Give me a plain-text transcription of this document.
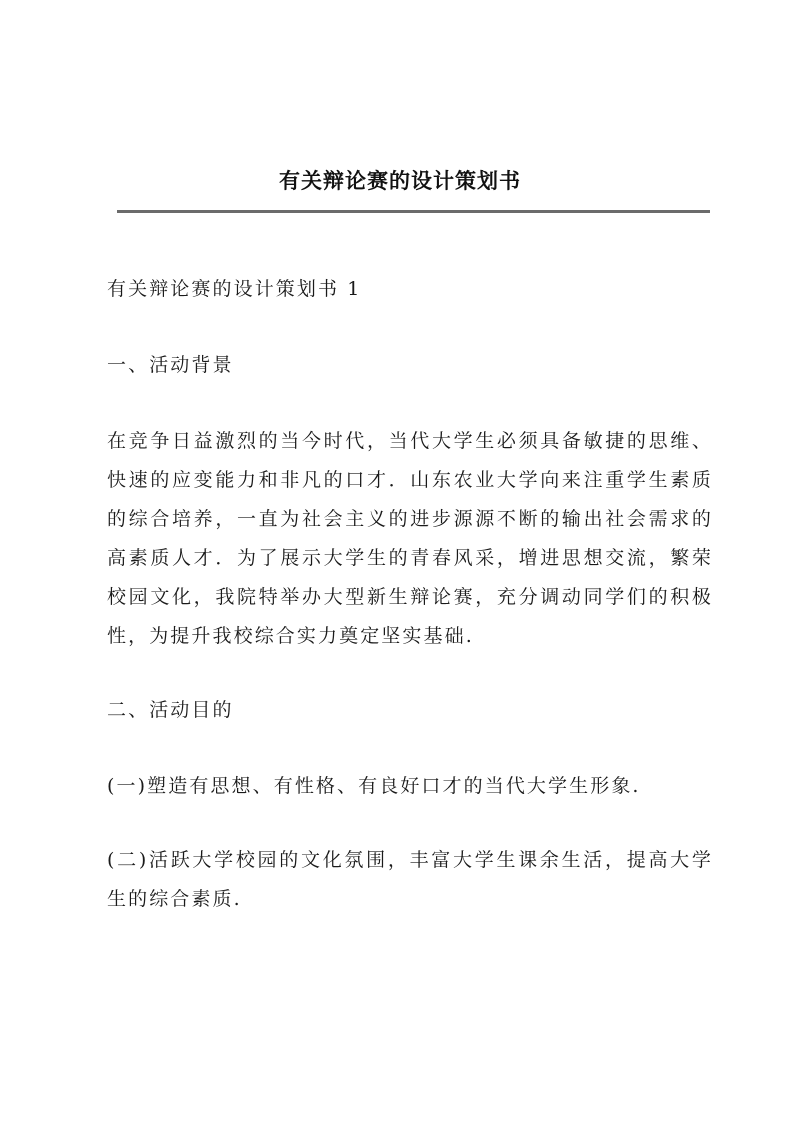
有关辩论赛的设计策划书

有关辩论赛的设计策划书 1

一、活动背景

在竞争日益激烈的当今时代，当代大学生必须具备敏捷的思维、快速的应变能力和非凡的口才．山东农业大学向来注重学生素质的综合培养，一直为社会主义的进步源源不断的输出社会需求的高素质人才．为了展示大学生的青春风采，增进思想交流，繁荣校园文化，我院特举办大型新生辩论赛，充分调动同学们的积极性，为提升我校综合实力奠定坚实基础.

二、活动目的

(一)塑造有思想、有性格、有良好口才的当代大学生形象.

(二)活跃大学校园的文化氛围，丰富大学生课余生活，提高大学生的综合素质.
